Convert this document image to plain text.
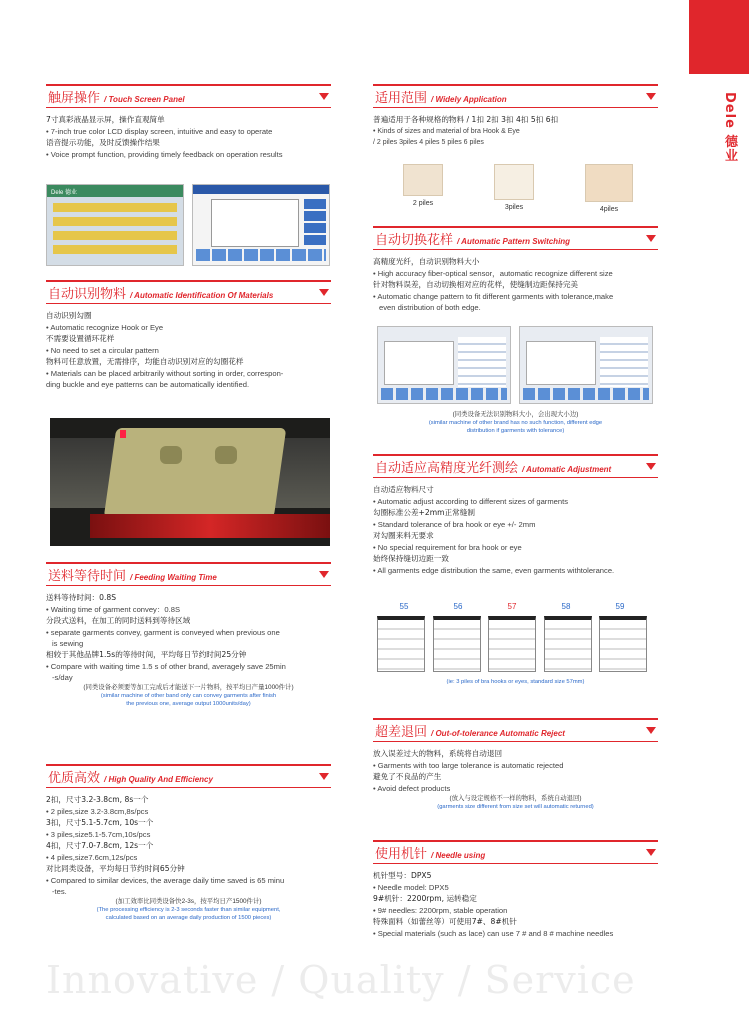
Dele 德业
触屏操作 / Touch Screen Panel
7寸真彩液晶显示屏，操作直观简单
• 7-inch true color LCD display screen, intuitive and easy to operate
语音提示功能，及时反馈操作结果
• Voice prompt function, providing timely feedback on operation results
Dele 德业
自动识别物料 / Automatic Identification Of Materials
自动识别勾圈
• Automatic recognize Hook or Eye
不需要设置循环花样
• No need to set a circular pattern
物料可任意放置，无需排序，均能自动识别对应的勾圈花样
• Materials can be placed arbitrarily without sorting in order, correspon-
ding buckle and eye patterns can be automatically identified.
送料等待时间 / Feeding Waiting Time
送料等待时间：0.8S
• Waiting time of garment convey：0.8S
分段式送料，在加工的同时送料到等待区域
• separate garments convey, garment is conveyed when previous one
is sewing
相较于其他品牌1.5s的等待时间，平均每日节约时间25分钟
• Compare with waiting time 1.5 s of other brand, averagely save 25min
-s/day
(同类设备必须要等加工完成后才能送下一片物料，按平均日产量1000件计)
(similar machine of other band only can convey garments after finish
the previous one, average output 1000units/day)
优质高效 / High Quality And Efficiency
2扣，尺寸3.2-3.8cm, 8s一个
• 2 piles,size 3.2-3.8cm,8s/pcs
3扣，尺寸5.1-5.7cm, 10s一个
• 3 piles,size5.1-5.7cm,10s/pcs
4扣，尺寸7.0-7.8cm, 12s一个
• 4 piles,size7.6cm,12s/pcs
对比同类设备，平均每日节约时间65分钟
• Compared to similar devices, the average daily time saved is 65 minu
-tes.
(加工效率比同类设备快2-3s，按平均日产1500件计)
(The processing efficiency is 2-3 seconds faster than similar equipment,
calculated based on an average daily production of 1500 pieces)
适用范围 / Widely Application
普遍适用于各种规格的物料 / 1扣 2扣 3扣 4扣 5扣 6扣
• Kinds of sizes and material of bra Hook & Eye
/ 2 piles 3piles 4 piles 5 piles 6 piles
2 piles
3piles	4piles
自动切换花样 / Automatic Pattern Switching
高精度光纤，自动识别物料大小
• High accuracy fiber-optical sensor，automatic recognize different size
针对物料误差，自动切换相对应的花样，使缝制边距保持完美
• Automatic change pattern to fit different garments with tolerance,make
even distribution of both edge.
(同类设备无法识别物料大小，会出现大小边)
(similar machine of other brand has no such function, different edge
distribution if garments with tolerance)
自动适应高精度光纤测绘 / Automatic Adjustment
自动适应物料尺寸
• Automatic adjust according to different sizes of garments
勾圈标准公差+2mm正常缝制
• Standard tolerance of bra hook or eye +/- 2mm
对勾圈来料无要求
• No special requirement for bra hook or eye
始终保持缝切边距一致
• All garments edge distribution the same, even garments withtolerance.
55	56	57	58	59
(ie: 3 piles of bra hooks or eyes, standard size 57mm)
超差退回 / Out-of-tolerance Automatic Reject
放入误差过大的物料，系统将自动退回
• Garments with too large tolerance is automatic rejected
避免了不良品的产生
• Avoid defect products
(放入与设定规格不一样的物料，系统自动退回)
(garments size different from size set will automatic returned)
使用机针 / Needle using
机针型号：DPX5
• Needle model: DPX5
9#机针：2200rpm, 运转稳定
• 9# needles: 2200rpm, stable operation
特殊面料（如蕾丝等）可使用7#、8#机针
• Special materials (such as lace) can use 7 # and 8 # machine needles
Innovative / Quality / Service
